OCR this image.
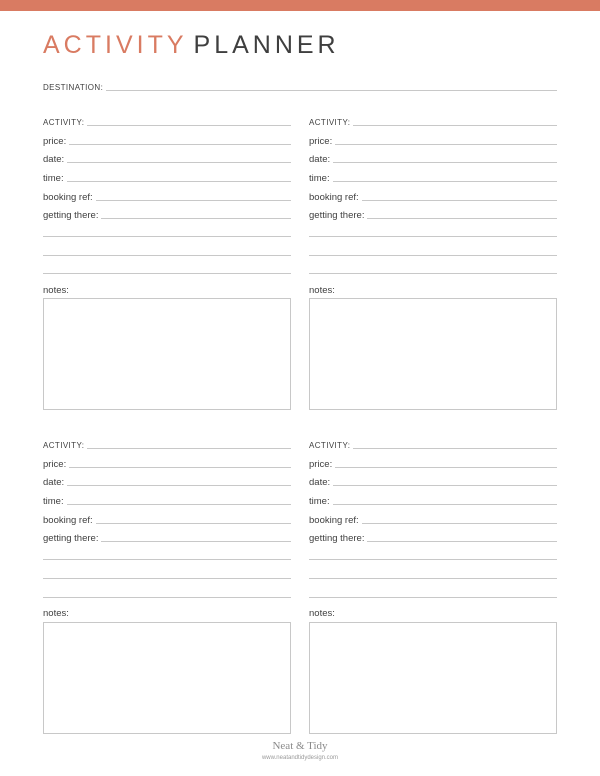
ACTIVITY PLANNER
DESTINATION:
ACTIVITY:
price:
date:
time:
booking ref:
getting there:
notes:
ACTIVITY:
price:
date:
time:
booking ref:
getting there:
notes:
ACTIVITY:
price:
date:
time:
booking ref:
getting there:
notes:
ACTIVITY:
price:
date:
time:
booking ref:
getting there:
notes:
Neat & Tidy
www.neatandtidydesign.com
